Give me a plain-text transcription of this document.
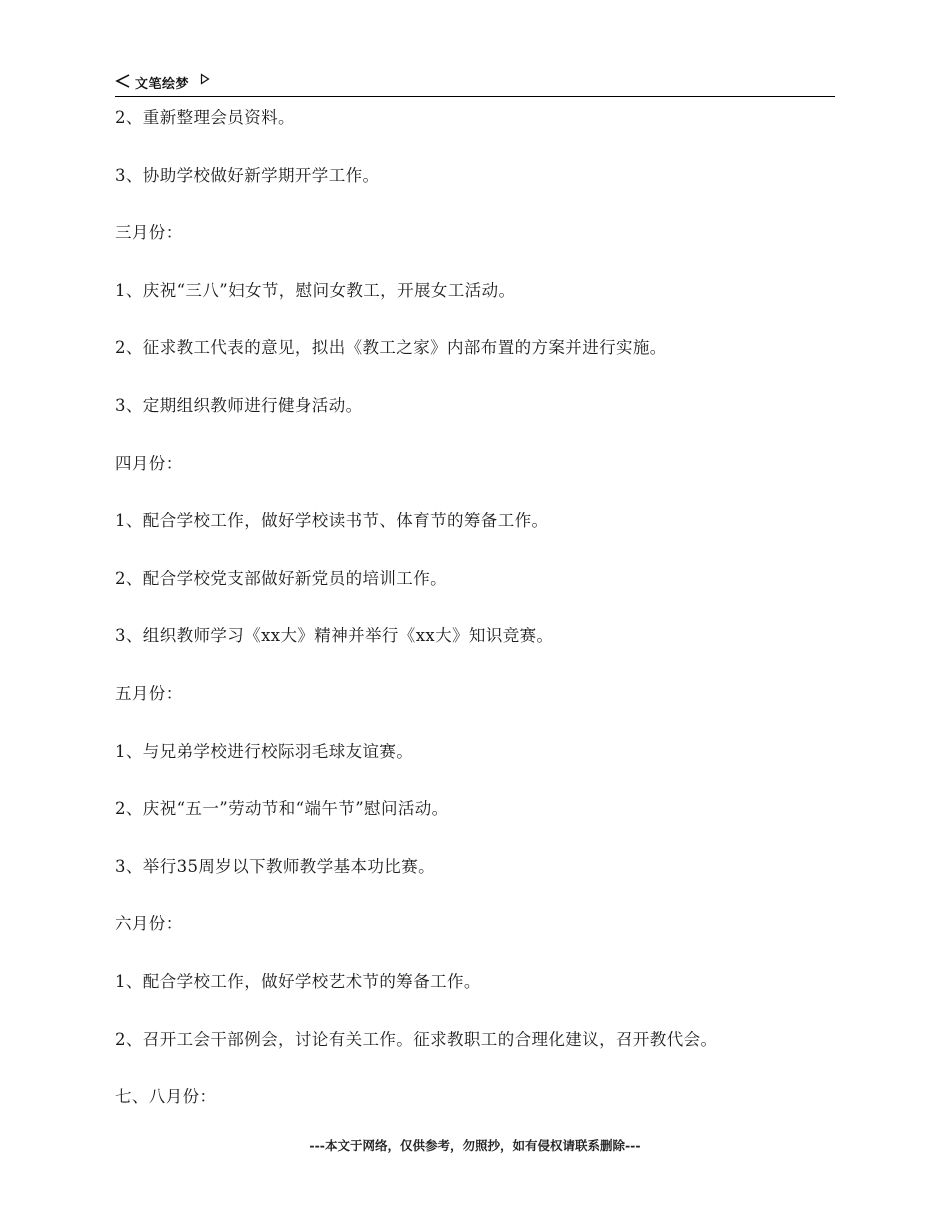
文笔绘梦
2、重新整理会员资料。
3、协助学校做好新学期开学工作。
三月份：
1、庆祝“三八”妇女节，慰问女教工，开展女工活动。
2、征求教工代表的意见，拟出《教工之家》内部布置的方案并进行实施。
3、定期组织教师进行健身活动。
四月份：
1、配合学校工作，做好学校读书节、体育节的筹备工作。
2、配合学校党支部做好新党员的培训工作。
3、组织教师学习《xx大》精神并举行《xx大》知识竞赛。
五月份：
1、与兄弟学校进行校际羽毛球友谊赛。
2、庆祝“五一”劳动节和“端午节”慰问活动。
3、举行35周岁以下教师教学基本功比赛。
六月份：
1、配合学校工作，做好学校艺术节的筹备工作。
2、召开工会干部例会，讨论有关工作。征求教职工的合理化建议，召开教代会。
七、八月份：
---本文于网络，仅供参考，勿照抄，如有侵权请联系删除---
